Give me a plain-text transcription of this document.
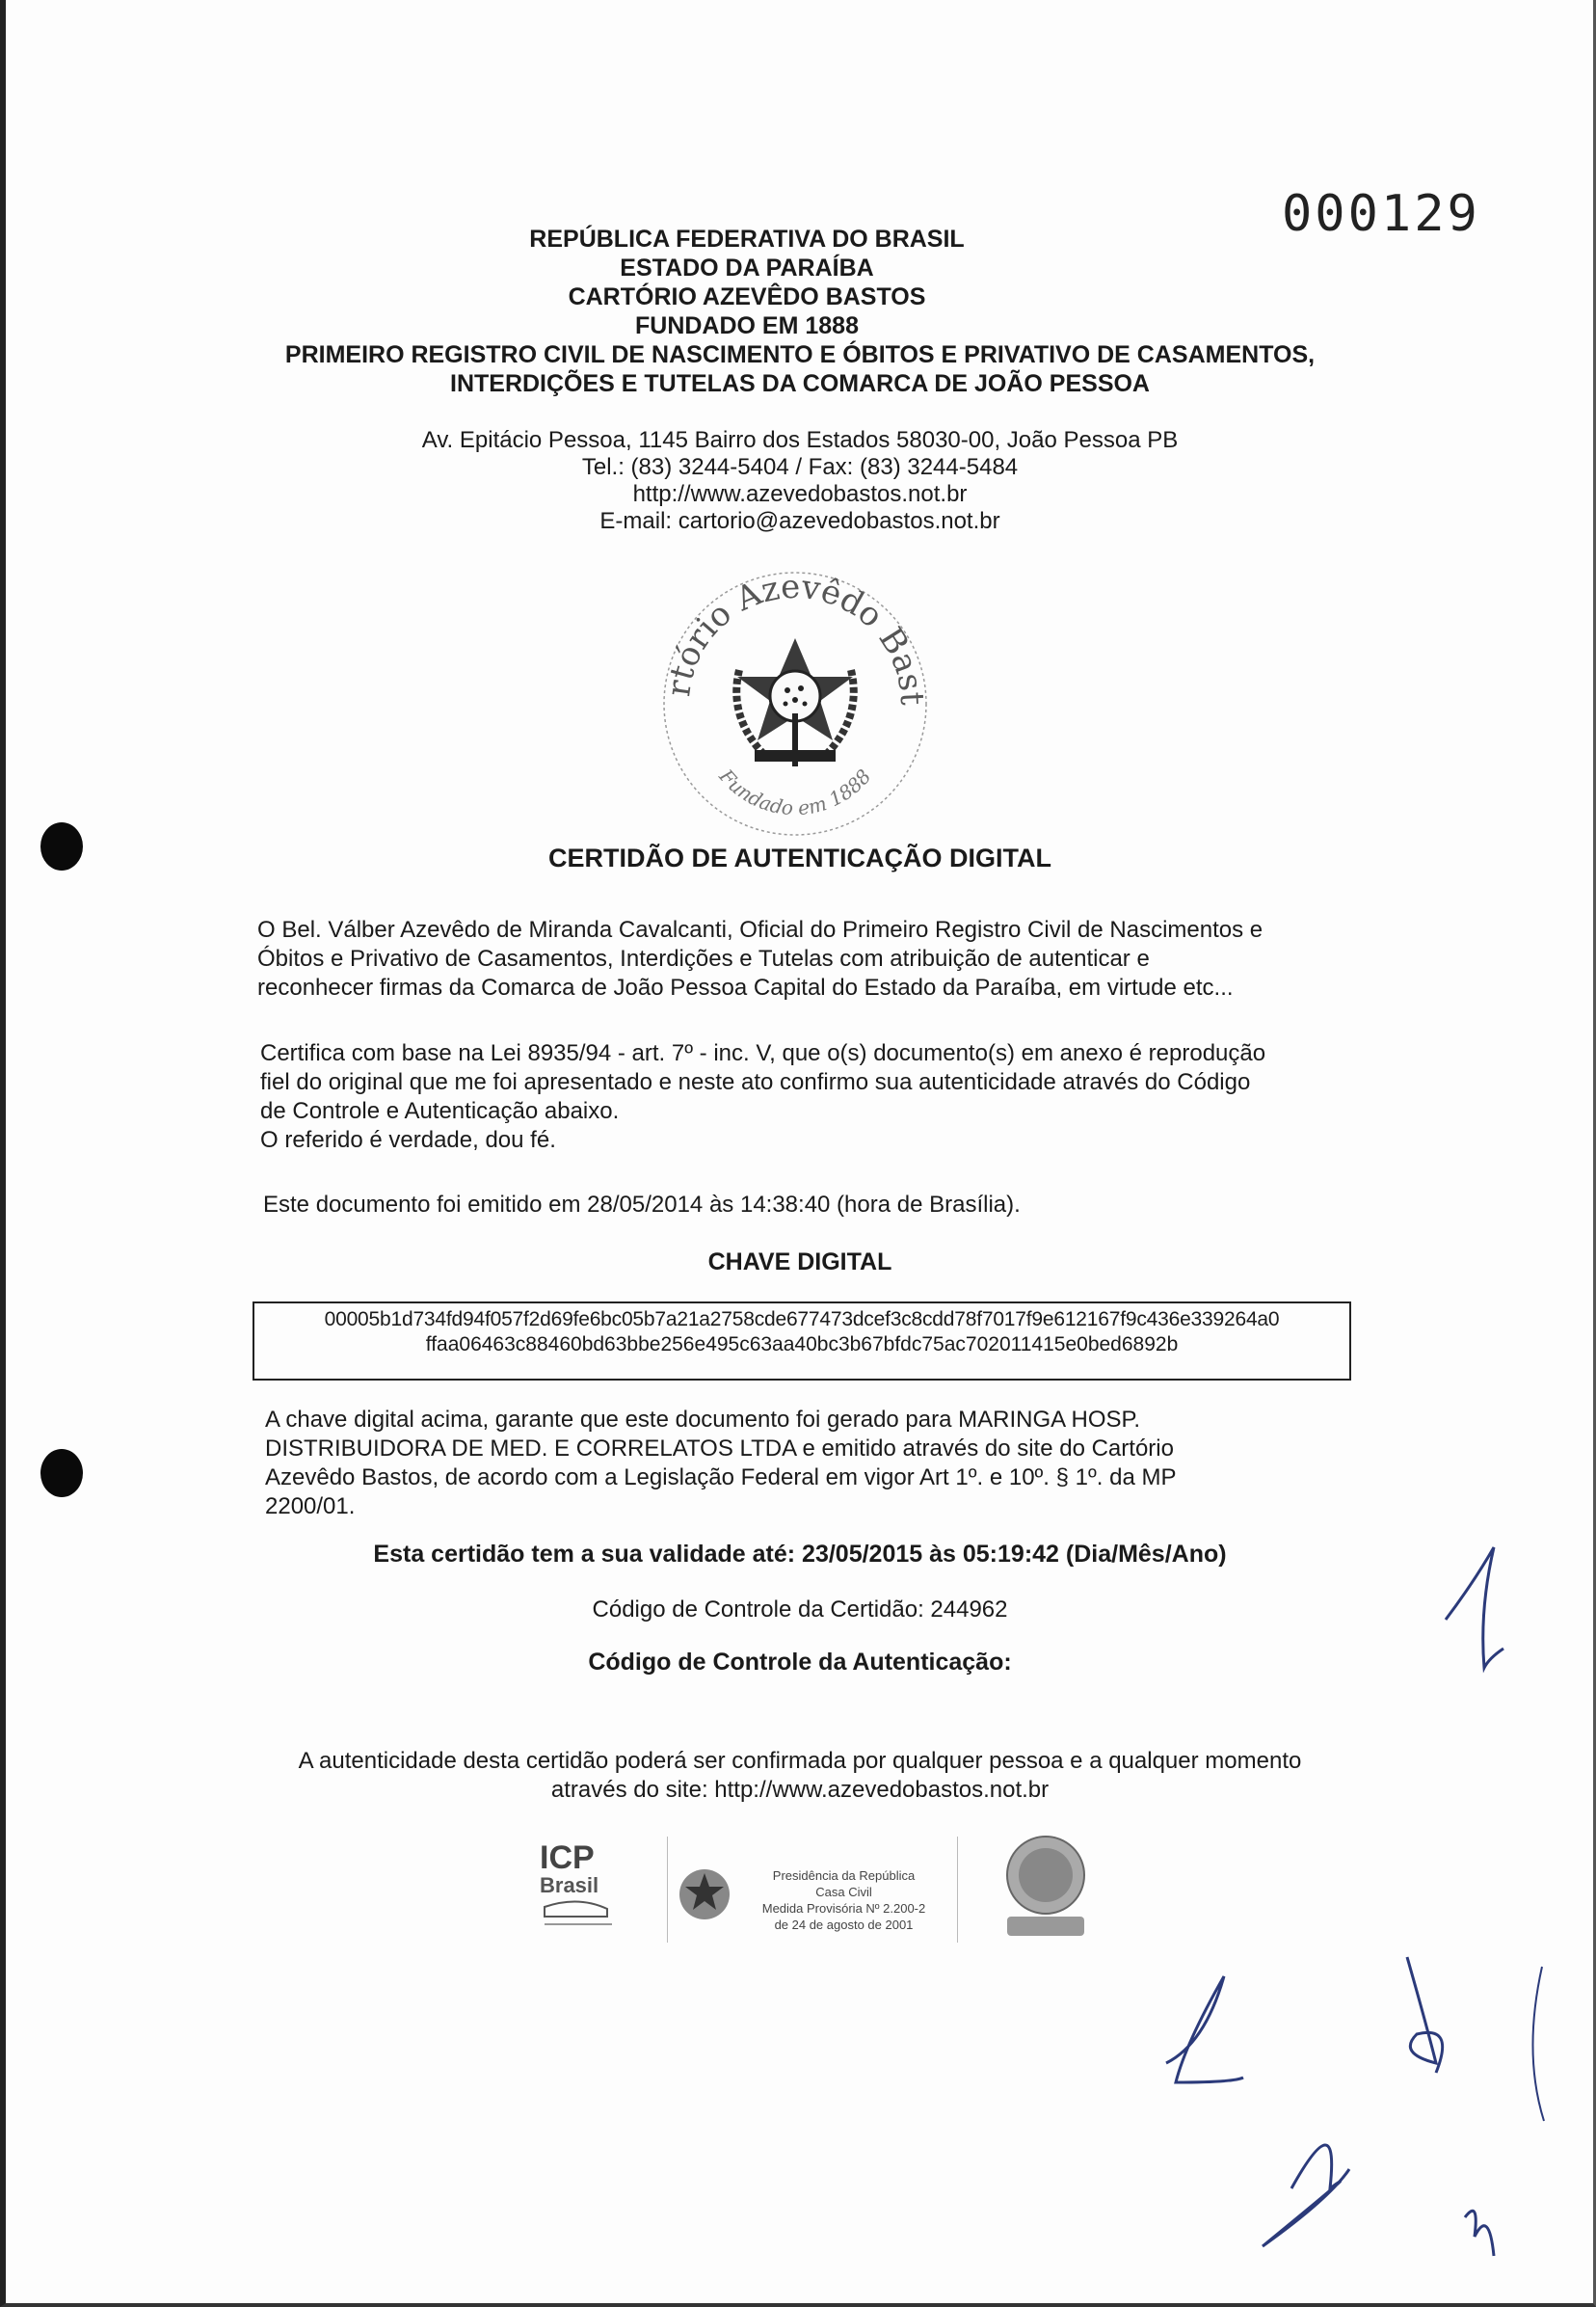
000129
REPÚBLICA FEDERATIVA DO BRASIL
ESTADO DA PARAÍBA
CARTÓRIO AZEVÊDO BASTOS
FUNDADO EM 1888
PRIMEIRO REGISTRO CIVIL DE NASCIMENTO E ÓBITOS E PRIVATIVO DE CASAMENTOS,
INTERDIÇÕES E TUTELAS DA COMARCA DE JOÃO PESSOA
Av. Epitácio Pessoa, 1145 Bairro dos Estados 58030-00, João Pessoa PB
Tel.: (83) 3244-5404 / Fax: (83) 3244-5484
http://www.azevedobastos.not.br
E-mail: cartorio@azevedobastos.not.br
rtório Azevêdo Bast
Fundado em 1888
CERTIDÃO DE AUTENTICAÇÃO DIGITAL
O Bel. Válber Azevêdo de Miranda Cavalcanti, Oficial do Primeiro Registro Civil de Nascimentos e
Óbitos e Privativo de Casamentos, Interdições e Tutelas com atribuição de autenticar e
reconhecer firmas da Comarca de João Pessoa Capital do Estado da Paraíba, em virtude etc...
Certifica com base na Lei 8935/94 - art. 7º - inc. V, que o(s) documento(s) em anexo é reprodução
fiel do original que me foi apresentado e neste ato confirmo sua autenticidade através do Código
de Controle e Autenticação abaixo.
O referido é verdade, dou fé.
Este documento foi emitido em 28/05/2014 às 14:38:40 (hora de Brasília).
CHAVE DIGITAL
00005b1d734fd94f057f2d69fe6bc05b7a21a2758cde677473dcef3c8cdd78f7017f9e612167f9c436e339264a0
ffaa06463c88460bd63bbe256e495c63aa40bc3b67bfdc75ac702011415e0bed6892b
A chave digital acima, garante que este documento foi gerado para MARINGA HOSP.
DISTRIBUIDORA DE MED. E CORRELATOS LTDA e emitido através do site do Cartório
Azevêdo Bastos, de acordo com a Legislação Federal em vigor Art 1º. e 10º. § 1º. da MP
2200/01.
Esta certidão tem a sua validade até: 23/05/2015 às 05:19:42 (Dia/Mês/Ano)
Código de Controle da Certidão: 244962
Código de Controle da Autenticação:
A autenticidade desta certidão poderá ser confirmada por qualquer pessoa e a qualquer momento
através do site: http://www.azevedobastos.not.br
ICP
Brasil	Presidência da República
Casa Civil
Medida Provisória Nº 2.200-2
de 24 de agosto de 2001
